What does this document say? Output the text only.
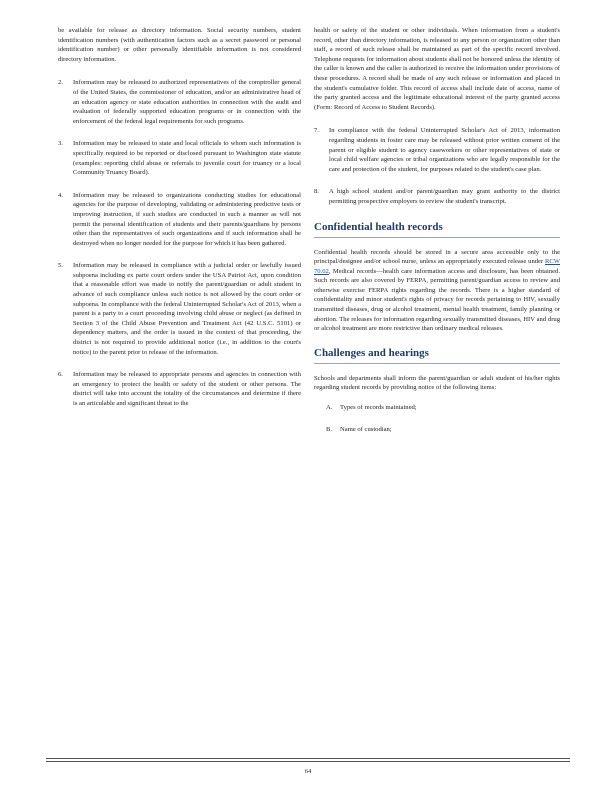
be available for release as directory information. Social security numbers, student identification numbers (with authentication factors such as a secret password or personal identification number) or other personally identifiable information is not considered directory information.

2. Information may be released to authorized representatives of the comptroller general of the United States, the commissioner of education, and/or an administrative head of an education agency or state education authorities in connection with the audit and evaluation of federally supported education programs or in connection with the enforcement of the federal legal requirements for such programs.

3. Information may be released to state and local officials to whom such information is specifically required to be reported or disclosed pursuant to Washington state statute (examples: reporting child abuse or referrals to juvenile court for truancy or a local Community Truancy Board).

4. Information may be released to organizations conducting studies for educational agencies for the purpose of developing, validating or administering predictive tests or improving instruction, if such studies are conducted in such a manner as will not permit the personal identification of students and their parents/guardians by persons other than the representatives of such organizations and if such information shall be destroyed when no longer needed for the purpose for which it has been gathered.

5. Information may be released in compliance with a judicial order or lawfully issued subpoena including ex parte court orders under the USA Patriot Act, upon condition that a reasonable effort was made to notify the parent/guardian or adult student in advance of such compliance unless such notice is not allowed by the court order or subpoena. In compliance with the federal Uninterrupted Scholar's Act of 2013, when a parent is a party to a court proceeding involving child abuse or neglect (as defined in Section 3 of the Child Abuse Prevention and Treatment Act (42 U.S.C. 5101) or dependency matters, and the order is issued in the context of that proceeding, the district is not required to provide additional notice (i.e., in addition to the court's notice) to the parent prior to release of the information.

6. Information may be released to appropriate persons and agencies in connection with an emergency to protect the health or safety of the student or other persons. The district will take into account the totality of the circumstances and determine if there is an articulable and significant threat to the

health or safety of the student or other individuals. When information from a student's record, other than directory information, is released to any person or organization other than staff, a record of such release shall be maintained as part of the specific record involved. Telephone requests for information about students shall not be honored unless the identity of the caller is known and the caller is authorized to receive the information under provisions of these procedures. A record shall be made of any such release or information and placed in the student's cumulative folder. This record of access shall include date of access, name of the party granted access and the legitimate educational interest of the party granted access (Form: Record of Access to Student Records).

7. In compliance with the federal Uninterrupted Scholar's Act of 2013, information regarding students in foster care may be released without prior written consent of the parent or eligible student to agency caseworkers or other representatives of state or local child welfare agencies or tribal organizations who are legally responsible for the care and protection of the student, for purposes related to the student's case plan.

8. A high school student and/or parent/guardian may grant authority to the district permitting prospective employers to review the student's transcript.

Confidential health records

Confidential health records should be stored in a secure area accessible only to the principal/designee and/or school nurse, unless an appropriately executed release under RCW 70.02, Medical records—health care information access and disclosure, has been obtained. Such records are also covered by FERPA, permitting parent/guardian access to review and otherwise exercise FERPA rights regarding the records. There is a higher standard of confidentiality and minor student's rights of privacy for records pertaining to HIV, sexually transmitted diseases, drug or alcohol treatment, mental health treatment, family planning or abortion. The releases for information regarding sexually transmitted diseases, HIV and drug or alcohol treatment are more restrictive than ordinary medical releases.

Challenges and hearings

Schools and departments shall inform the parent/guardian or adult student of his/her rights regarding student records by providing notice of the following items:

A. Types of records maintained;
B. Name of custodian;
64
